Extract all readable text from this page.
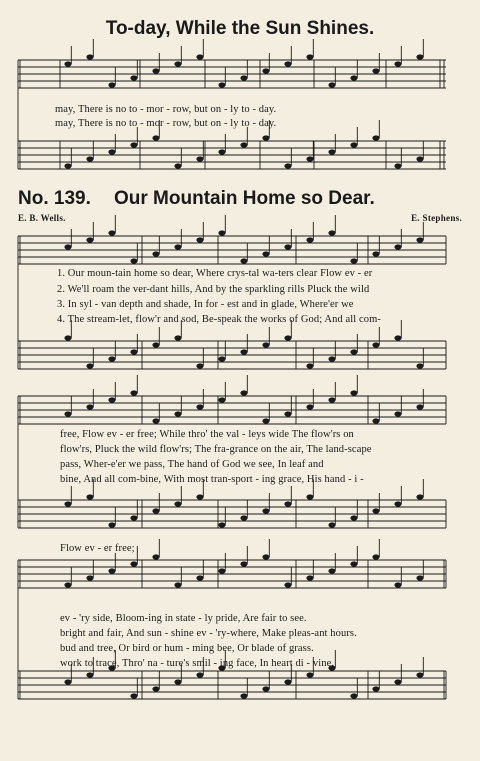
To-day, While the Sun Shines.
may, There is no to - mor - row, but on - ly to - day.
may, There is no to - mor - row, but on - ly to - day.
No. 139. Our Mountain Home so Dear.
E. B. Wells.	E. Stephens.
1. Our moun-tain home so dear, Where crys-tal wa-ters clear Flow ev - er
2. We'll roam the ver-dant hills, And by the sparkling rills Pluck the wild
3. In syl - van depth and shade, In for - est and in glade, Where'er we
4. The stream-let, flow'r and sod, Be-speak the works of God; And all com-
free, Flow ev - er free; While thro' the val - leys wide The flow'rs on
flow'rs, Pluck the wild flow'rs; The fra-grance on the air, The land-scape
pass, Wher-e'er we pass, The hand of God we see, In leaf and
bine, And all com-bine, With most tran-sport - ing grace, His hand - i -
Flow ev - er free;
ev - 'ry side, Bloom-ing in state - ly pride, Are fair to see.
bright and fair, And sun - shine ev - 'ry-where, Make pleas-ant hours.
bud and tree, Or bird or hum - ming bee, Or blade of grass.
work to trace, Thro' na - ture's smil - ing face, In heart di - vine.
